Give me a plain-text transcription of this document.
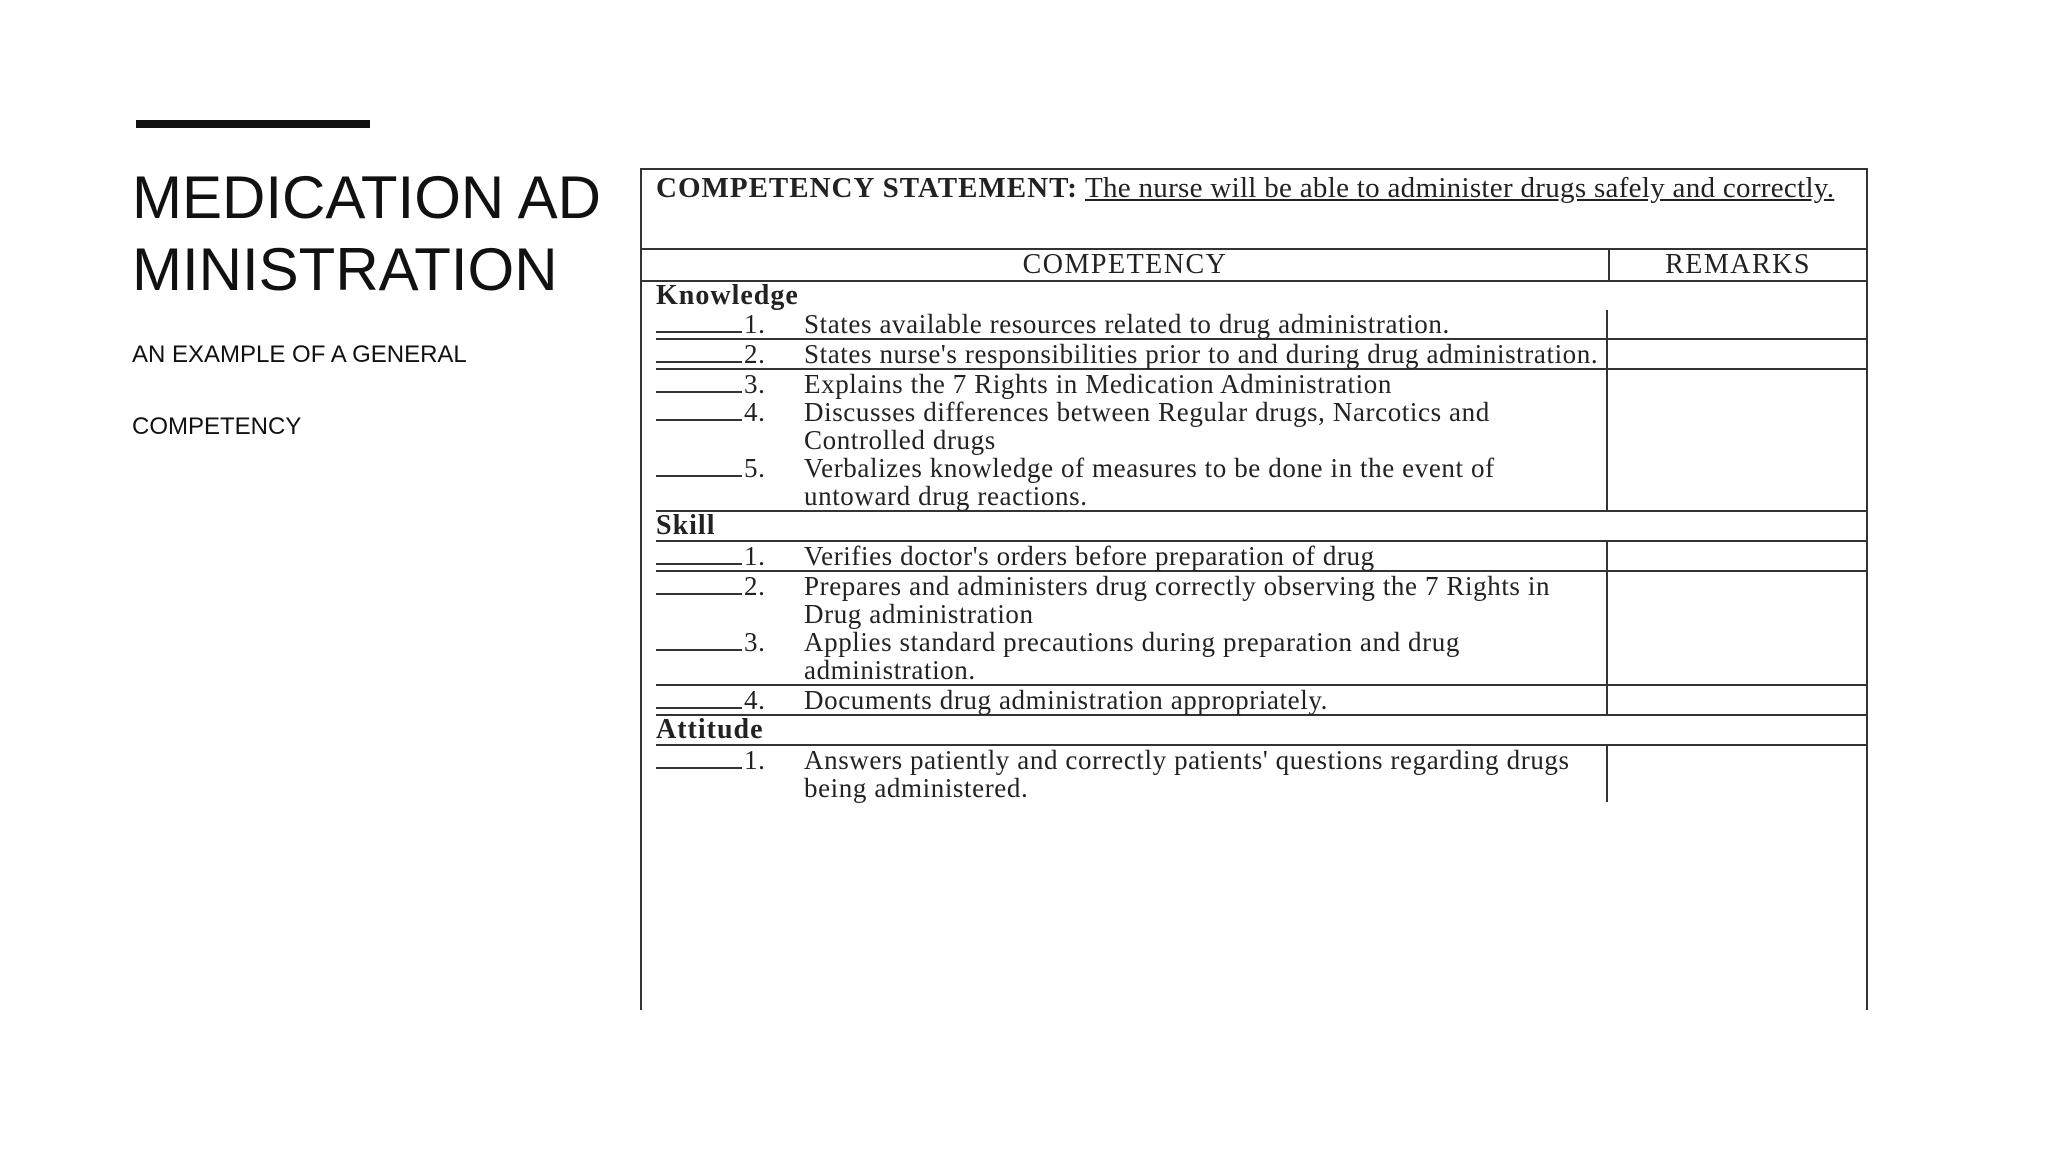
MEDICATION ADMINISTRATION AN EXAMPLE OF A GENERAL COMPETENCY
COMPETENCY STATEMENT: The nurse will be able to administer drugs safely and correctly.
COMPETENCY	REMARKS
Knowledge
1.	States available resources related to drug administration.
2.	States nurse's responsibilities prior to and during drug administration.
3.	Explains the 7 Rights in Medication Administration
4.	Discusses differences between Regular drugs, Narcotics and Controlled drugs
5.	Verbalizes knowledge of measures to be done in the event of untoward drug reactions.
Skill
1.	Verifies doctor's orders before preparation of drug
2.	Prepares and administers drug correctly observing the 7 Rights in Drug administration
3.	Applies standard precautions during preparation and drug administration.
4.	Documents drug administration appropriately.
Attitude
1.	Answers patiently and correctly patients' questions regarding drugs being administered.
